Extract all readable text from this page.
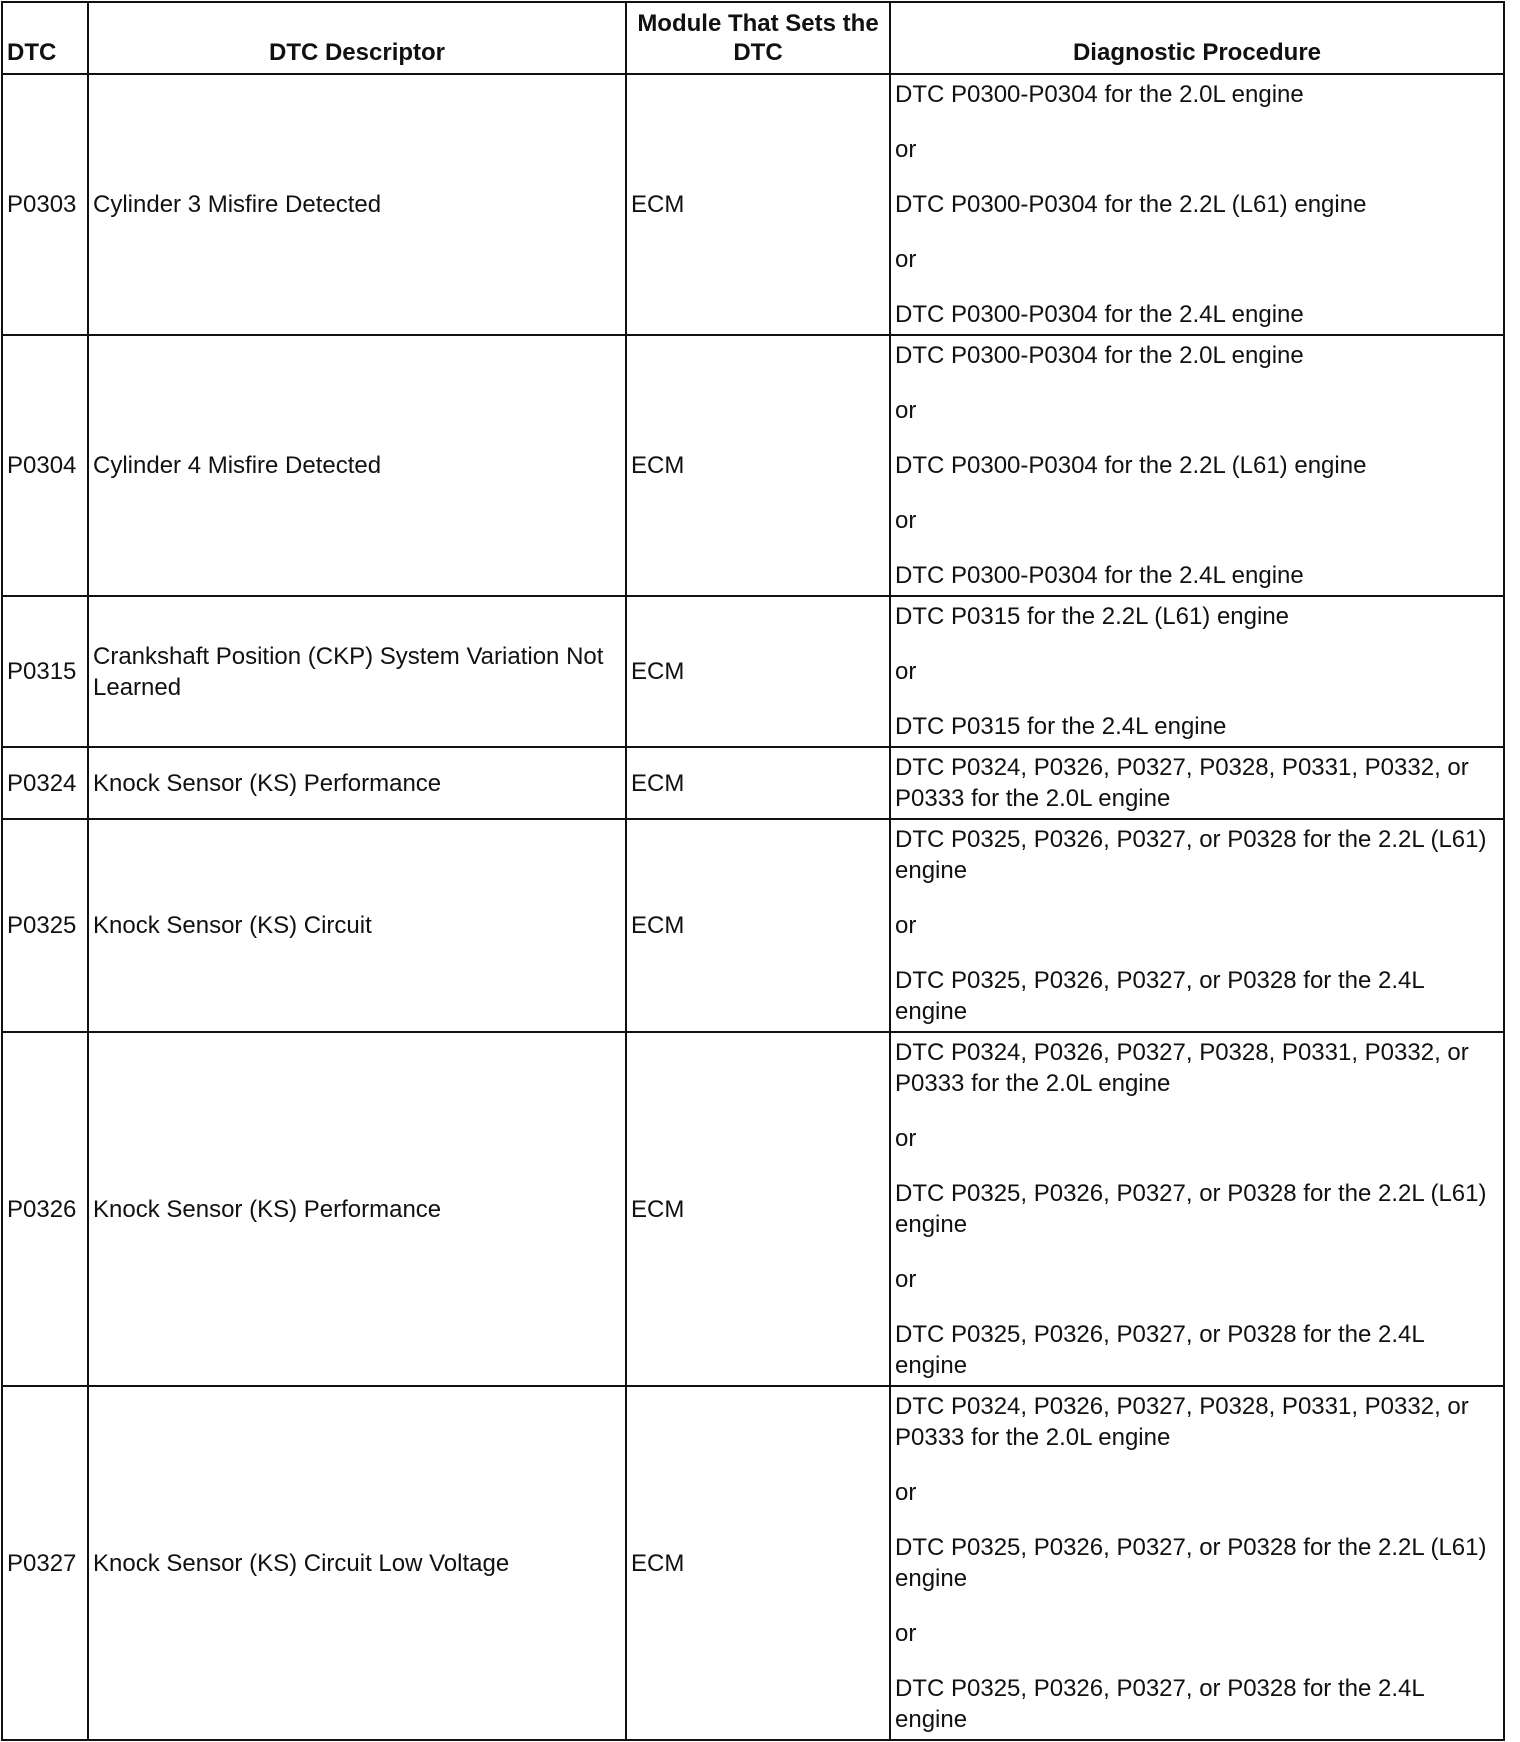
DTC	DTC Descriptor	Module That Sets the DTC	Diagnostic Procedure
P0303	Cylinder 3 Misfire Detected	ECM	DTC P0300-P0304 for the 2.0L engine
or
DTC P0300-P0304 for the 2.2L (L61) engine
or
DTC P0300-P0304 for the 2.4L engine

P0304	Cylinder 4 Misfire Detected	ECM	DTC P0300-P0304 for the 2.0L engine
or
DTC P0300-P0304 for the 2.2L (L61) engine
or
DTC P0300-P0304 for the 2.4L engine

P0315	Crankshaft Position (CKP) System Variation Not Learned	ECM	DTC P0315 for the 2.2L (L61) engine
or
DTC P0315 for the 2.4L engine

P0324	Knock Sensor (KS) Performance	ECM	DTC P0324, P0326, P0327, P0328, P0331, P0332, or P0333 for the 2.0L engine

P0325	Knock Sensor (KS) Circuit	ECM	DTC P0325, P0326, P0327, or P0328 for the 2.2L (L61) engine
or
DTC P0325, P0326, P0327, or P0328 for the 2.4L engine

P0326	Knock Sensor (KS) Performance	ECM	DTC P0324, P0326, P0327, P0328, P0331, P0332, or P0333 for the 2.0L engine
or
DTC P0325, P0326, P0327, or P0328 for the 2.2L (L61) engine
or
DTC P0325, P0326, P0327, or P0328 for the 2.4L engine

P0327	Knock Sensor (KS) Circuit Low Voltage	ECM	DTC P0324, P0326, P0327, P0328, P0331, P0332, or P0333 for the 2.0L engine
or
DTC P0325, P0326, P0327, or P0328 for the 2.2L (L61) engine
or
DTC P0325, P0326, P0327, or P0328 for the 2.4L engine
